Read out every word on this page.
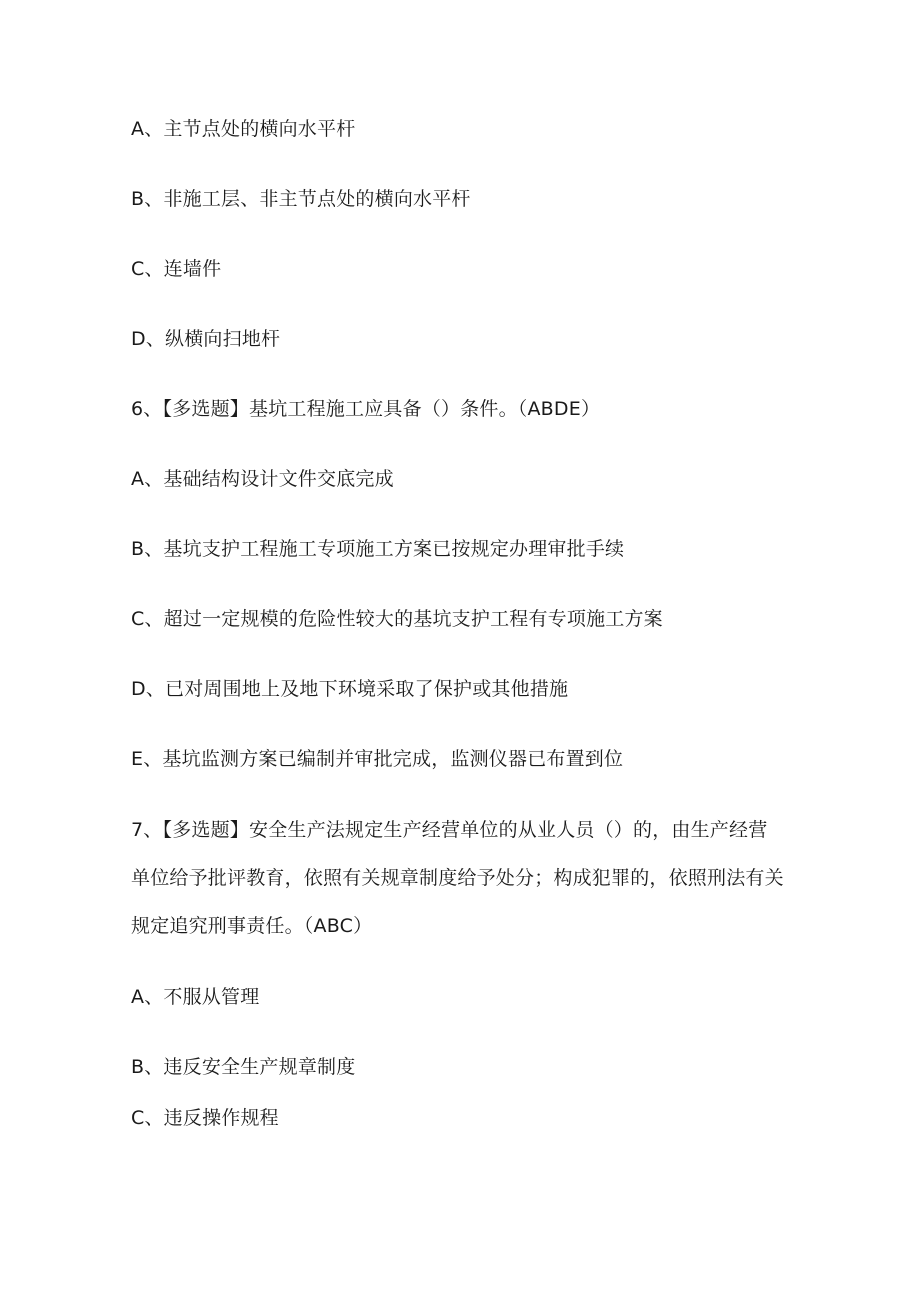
A、主节点处的横向水平杆
B、非施工层、非主节点处的横向水平杆
C、连墙件
D、纵横向扫地杆
6、【多选题】基坑工程施工应具备（）条件。（ABDE）
A、基础结构设计文件交底完成
B、基坑支护工程施工专项施工方案已按规定办理审批手续
C、超过一定规模的危险性较大的基坑支护工程有专项施工方案
D、已对周围地上及地下环境采取了保护或其他措施
E、基坑监测方案已编制并审批完成，监测仪器已布置到位
7、【多选题】安全生产法规定生产经营单位的从业人员（）的，由生产经营
单位给予批评教育，依照有关规章制度给予处分；构成犯罪的，依照刑法有关
规定追究刑事责任。（ABC）
A、不服从管理
B、违反安全生产规章制度
C、违反操作规程
